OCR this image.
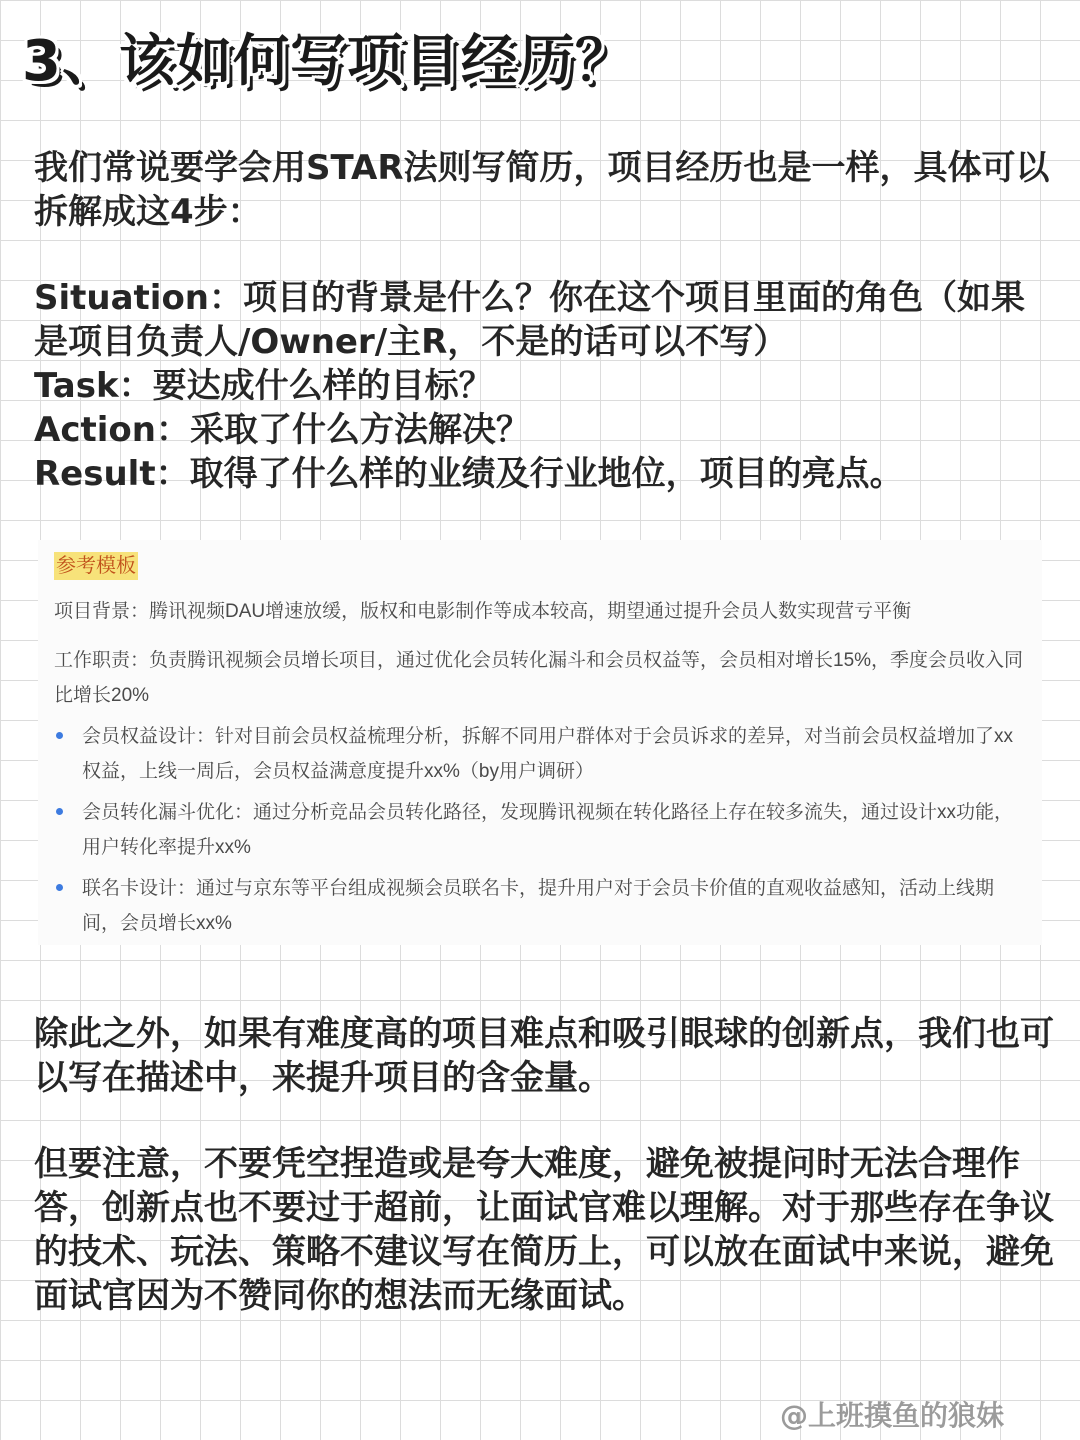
3、该如何写项目经历？

我们常说要学会用STAR法则写简历，项目经历也是一样，具体可以拆解成这4步：

Situation：项目的背景是什么？你在这个项目里面的角色（如果是项目负责人/Owner/主R，不是的话可以不写）
Task：要达成什么样的目标？
Action：采取了什么方法解决？
Result：取得了什么样的业绩及行业地位，项目的亮点。
参考模板

项目背景：腾讯视频DAU增速放缓，版权和电影制作等成本较高，期望通过提升会员人数实现营亏平衡

工作职责：负责腾讯视频会员增长项目，通过优化会员转化漏斗和会员权益等，会员相对增长15%，季度会员收入同比增长20%

会员权益设计：针对目前会员权益梳理分析，拆解不同用户群体对于会员诉求的差异，对当前会员权益增加了xx权益，上线一周后，会员权益满意度提升xx%（by用户调研）
会员转化漏斗优化：通过分析竞品会员转化路径，发现腾讯视频在转化路径上存在较多流失，通过设计xx功能，用户转化率提升xx%
联名卡设计：通过与京东等平台组成视频会员联名卡，提升用户对于会员卡价值的直观收益感知，活动上线期间，会员增长xx%

除此之外，如果有难度高的项目难点和吸引眼球的创新点，我们也可以写在描述中，来提升项目的含金量。

但要注意，不要凭空捏造或是夸大难度，避免被提问时无法合理作答，创新点也不要过于超前，让面试官难以理解。对于那些存在争议的技术、玩法、策略不建议写在简历上，可以放在面试中来说，避免面试官因为不赞同你的想法而无缘面试。

@上班摸鱼的狼妹
